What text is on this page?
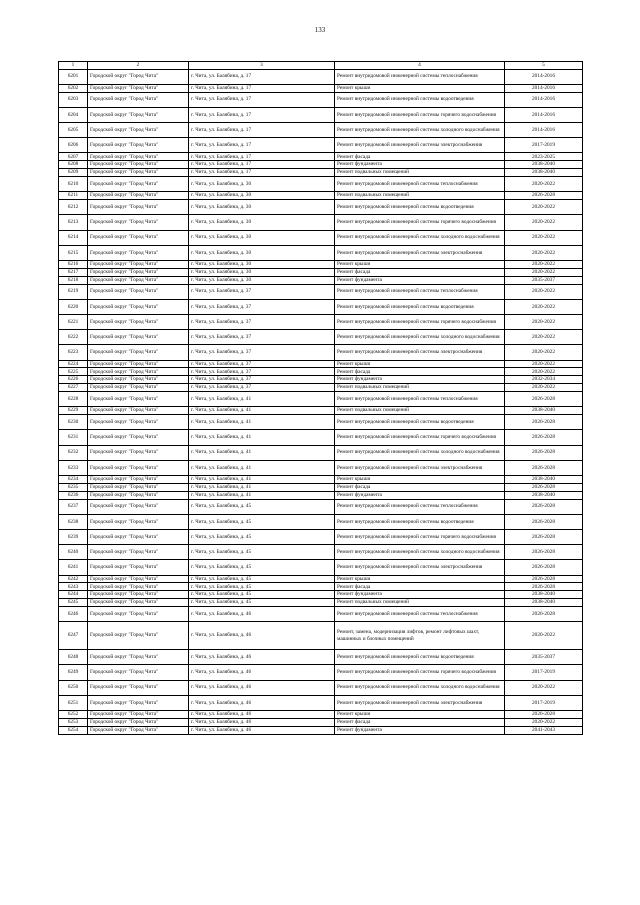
133
1	2	3	4	5
6201	Городской округ "Город Чита"	г. Чита, ул. Балябина, д. 17	Ремонт внутридомовой инженерной системы теплоснабжения	2014-2016
6202	Городской округ "Город Чита"	г. Чита, ул. Балябина, д. 17	Ремонт крыши	2014-2016
6203	Городской округ "Город Чита"	г. Чита, ул. Балябина, д. 17	Ремонт внутридомовой инженерной системы водоотведения	2014-2016
6204	Городской округ "Город Чита"	г. Чита, ул. Балябина, д. 17	Ремонт внутридомовой инженерной системы горячего водоснабжения	2014-2016
6205	Городской округ "Город Чита"	г. Чита, ул. Балябина, д. 17	Ремонт внутридомовой инженерной системы холодного водоснабжения	2014-2016
6206	Городской округ "Город Чита"	г. Чита, ул. Балябина, д. 17	Ремонт внутридомовой инженерной системы электроснабжения	2017-2019
6207	Городской округ "Город Чита"	г. Чита, ул. Балябина, д. 17	Ремонт фасада	2023-2025
6208	Городской округ "Город Чита"	г. Чита, ул. Балябина, д. 17	Ремонт фундамента	2038-2040
6209	Городской округ "Город Чита"	г. Чита, ул. Балябина, д. 17	Ремонт подвальных помещений	2038-2040
6210	Городской округ "Город Чита"	г. Чита, ул. Балябина, д. 30	Ремонт внутридомовой инженерной системы теплоснабжения	2020-2022
6211	Городской округ "Город Чита"	г. Чита, ул. Балябина, д. 30	Ремонт подвальных помещений	2026-2028
6212	Городской округ "Город Чита"	г. Чита, ул. Балябина, д. 30	Ремонт внутридомовой инженерной системы водоотведения	2020-2022
6213	Городской округ "Город Чита"	г. Чита, ул. Балябина, д. 30	Ремонт внутридомовой инженерной системы горячего водоснабжения	2020-2022
6214	Городской округ "Город Чита"	г. Чита, ул. Балябина, д. 30	Ремонт внутридомовой инженерной системы холодного водоснабжения	2020-2022
6215	Городской округ "Город Чита"	г. Чита, ул. Балябина, д. 30	Ремонт внутридомовой инженерной системы электроснабжения	2020-2022
6216	Городской округ "Город Чита"	г. Чита, ул. Балябина, д. 30	Ремонт крыши	2020-2022
6217	Городской округ "Город Чита"	г. Чита, ул. Балябина, д. 30	Ремонт фасада	2020-2022
6218	Городской округ "Город Чита"	г. Чита, ул. Балябина, д. 30	Ремонт фундамента	2035-2037
6219	Городской округ "Город Чита"	г. Чита, ул. Балябина, д. 37	Ремонт внутридомовой инженерной системы теплоснабжения	2020-2022
6220	Городской округ "Город Чита"	г. Чита, ул. Балябина, д. 37	Ремонт внутридомовой инженерной системы водоотведения	2020-2022
6221	Городской округ "Город Чита"	г. Чита, ул. Балябина, д. 37	Ремонт внутридомовой инженерной системы горячего водоснабжения	2020-2022
6222	Городской округ "Город Чита"	г. Чита, ул. Балябина, д. 37	Ремонт внутридомовой инженерной системы холодного водоснабжения	2020-2022
6223	Городской округ "Город Чита"	г. Чита, ул. Балябина, д. 37	Ремонт внутридомовой инженерной системы электроснабжения	2020-2022
6224	Городской округ "Город Чита"	г. Чита, ул. Балябина, д. 37	Ремонт крыши	2020-2022
6225	Городской округ "Город Чита"	г. Чита, ул. Балябина, д. 37	Ремонт фасада	2020-2022
6226	Городской округ "Город Чита"	г. Чита, ул. Балябина, д. 37	Ремонт фундамента	2032-2034
6227	Городской округ "Город Чита"	г. Чита, ул. Балябина, д. 37	Ремонт подвальных помещений	2020-2022
6228	Городской округ "Город Чита"	г. Чита, ул. Балябина, д. 41	Ремонт внутридомовой инженерной системы теплоснабжения	2026-2028
6229	Городской округ "Город Чита"	г. Чита, ул. Балябина, д. 41	Ремонт подвальных помещений	2038-2040
6230	Городской округ "Город Чита"	г. Чита, ул. Балябина, д. 41	Ремонт внутридомовой инженерной системы водоотведения	2026-2028
6231	Городской округ "Город Чита"	г. Чита, ул. Балябина, д. 41	Ремонт внутридомовой инженерной системы горячего водоснабжения	2026-2028
6232	Городской округ "Город Чита"	г. Чита, ул. Балябина, д. 41	Ремонт внутридомовой инженерной системы холодного водоснабжения	2026-2028
6233	Городской округ "Город Чита"	г. Чита, ул. Балябина, д. 41	Ремонт внутридомовой инженерной системы электроснабжения	2026-2028
6234	Городской округ "Город Чита"	г. Чита, ул. Балябина, д. 41	Ремонт крыши	2038-2040
6235	Городской округ "Город Чита"	г. Чита, ул. Балябина, д. 41	Ремонт фасада	2026-2028
6236	Городской округ "Город Чита"	г. Чита, ул. Балябина, д. 41	Ремонт фундамента	2038-2040
6237	Городской округ "Город Чита"	г. Чита, ул. Балябина, д. 45	Ремонт внутридомовой инженерной системы теплоснабжения	2026-2028
6238	Городской округ "Город Чита"	г. Чита, ул. Балябина, д. 45	Ремонт внутридомовой инженерной системы водоотведения	2026-2028
6239	Городской округ "Город Чита"	г. Чита, ул. Балябина, д. 45	Ремонт внутридомовой инженерной системы горячего водоснабжения	2026-2028
6240	Городской округ "Город Чита"	г. Чита, ул. Балябина, д. 45	Ремонт внутридомовой инженерной системы холодного водоснабжения	2026-2028
6241	Городской округ "Город Чита"	г. Чита, ул. Балябина, д. 45	Ремонт внутридомовой инженерной системы электроснабжения	2026-2028
6242	Городской округ "Город Чита"	г. Чита, ул. Балябина, д. 45	Ремонт крыши	2026-2028
6243	Городской округ "Город Чита"	г. Чита, ул. Балябина, д. 45	Ремонт фасада	2026-2028
6244	Городской округ "Город Чита"	г. Чита, ул. Балябина, д. 45	Ремонт фундамента	2038-2040
6245	Городской округ "Город Чита"	г. Чита, ул. Балябина, д. 45	Ремонт подвальных помещений	2038-2040
6246	Городской округ "Город Чита"	г. Чита, ул. Балябина, д. 46	Ремонт внутридомовой инженерной системы теплоснабжения	2026-2028
6247	Городской округ "Город Чита"	г. Чита, ул. Балябина, д. 46	Ремонт, замена, модернизация лифтов, ремонт лифтовых шахт, машинных и блочных помещений	2020-2022
6248	Городской округ "Город Чита"	г. Чита, ул. Балябина, д. 46	Ремонт внутридомовой инженерной системы водоотведения	2035-2037
6249	Городской округ "Город Чита"	г. Чита, ул. Балябина, д. 46	Ремонт внутридомовой инженерной системы горячего водоснабжения	2017-2019
6250	Городской округ "Город Чита"	г. Чита, ул. Балябина, д. 46	Ремонт внутридомовой инженерной системы холодного водоснабжения	2020-2022
6251	Городской округ "Город Чита"	г. Чита, ул. Балябина, д. 46	Ремонт внутридомовой инженерной системы электроснабжения	2017-2019
6252	Городской округ "Город Чита"	г. Чита, ул. Балябина, д. 46	Ремонт крыши	2026-2028
6253	Городской округ "Город Чита"	г. Чита, ул. Балябина, д. 46	Ремонт фасада	2020-2022
6254	Городской округ "Город Чита"	г. Чита, ул. Балябина, д. 46	Ремонт фундамента	2041-2043
